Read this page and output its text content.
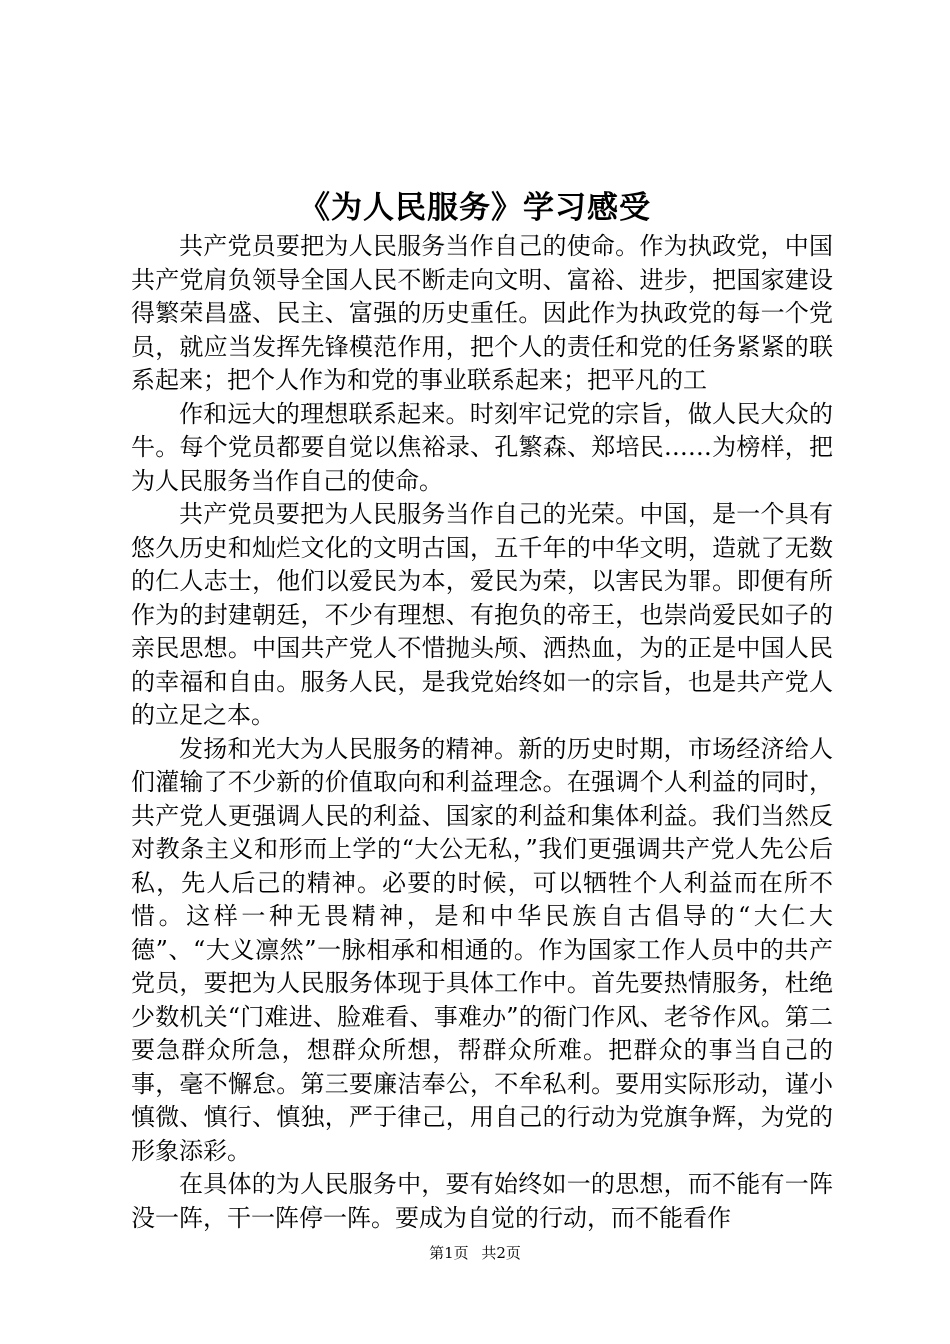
《为人民服务》学习感受

共产党员要把为人民服务当作自己的使命。作为执政党，中国共产党肩负领导全国人民不断走向文明、富裕、进步，把国家建设得繁荣昌盛、民主、富强的历史重任。因此作为执政党的每一个党员，就应当发挥先锋模范作用，把个人的责任和党的任务紧紧的联系起来；把个人作为和党的事业联系起来；把平凡的工

作和远大的理想联系起来。时刻牢记党的宗旨，做人民大众的牛。每个党员都要自觉以焦裕录、孔繁森、郑培民……为榜样，把为人民服务当作自己的使命。

共产党员要把为人民服务当作自己的光荣。中国，是一个具有悠久历史和灿烂文化的文明古国，五千年的中华文明，造就了无数的仁人志士，他们以爱民为本，爱民为荣，以害民为罪。即便有所作为的封建朝廷，不少有理想、有抱负的帝王，也崇尚爱民如子的亲民思想。中国共产党人不惜抛头颅、洒热血，为的正是中国人民的幸福和自由。服务人民，是我党始终如一的宗旨，也是共产党人的立足之本。

发扬和光大为人民服务的精神。新的历史时期，市场经济给人们灌输了不少新的价值取向和利益理念。在强调个人利益的同时，共产党人更强调人民的利益、国家的利益和集体利益。我们当然反对教条主义和形而上学的“大公无私，”我们更强调共产党人先公后私，先人后己的精神。必要的时候，可以牺牲个人利益而在所不惜。这样一种无畏精神，是和中华民族自古倡导的“大仁大德”、“大义凛然”一脉相承和相通的。作为国家工作人员中的共产党员，要把为人民服务体现于具体工作中。首先要热情服务，杜绝少数机关“门难进、脸难看、事难办”的衙门作风、老爷作风。第二要急群众所急，想群众所想，帮群众所难。把群众的事当自己的事，毫不懈怠。第三要廉洁奉公，不牟私利。要用实际形动，谨小慎微、慎行、慎独，严于律己，用自己的行动为党旗争辉，为党的形象添彩。

在具体的为人民服务中，要有始终如一的思想，而不能有一阵没一阵，干一阵停一阵。要成为自觉的行动，而不能看作

第1页 共2页
